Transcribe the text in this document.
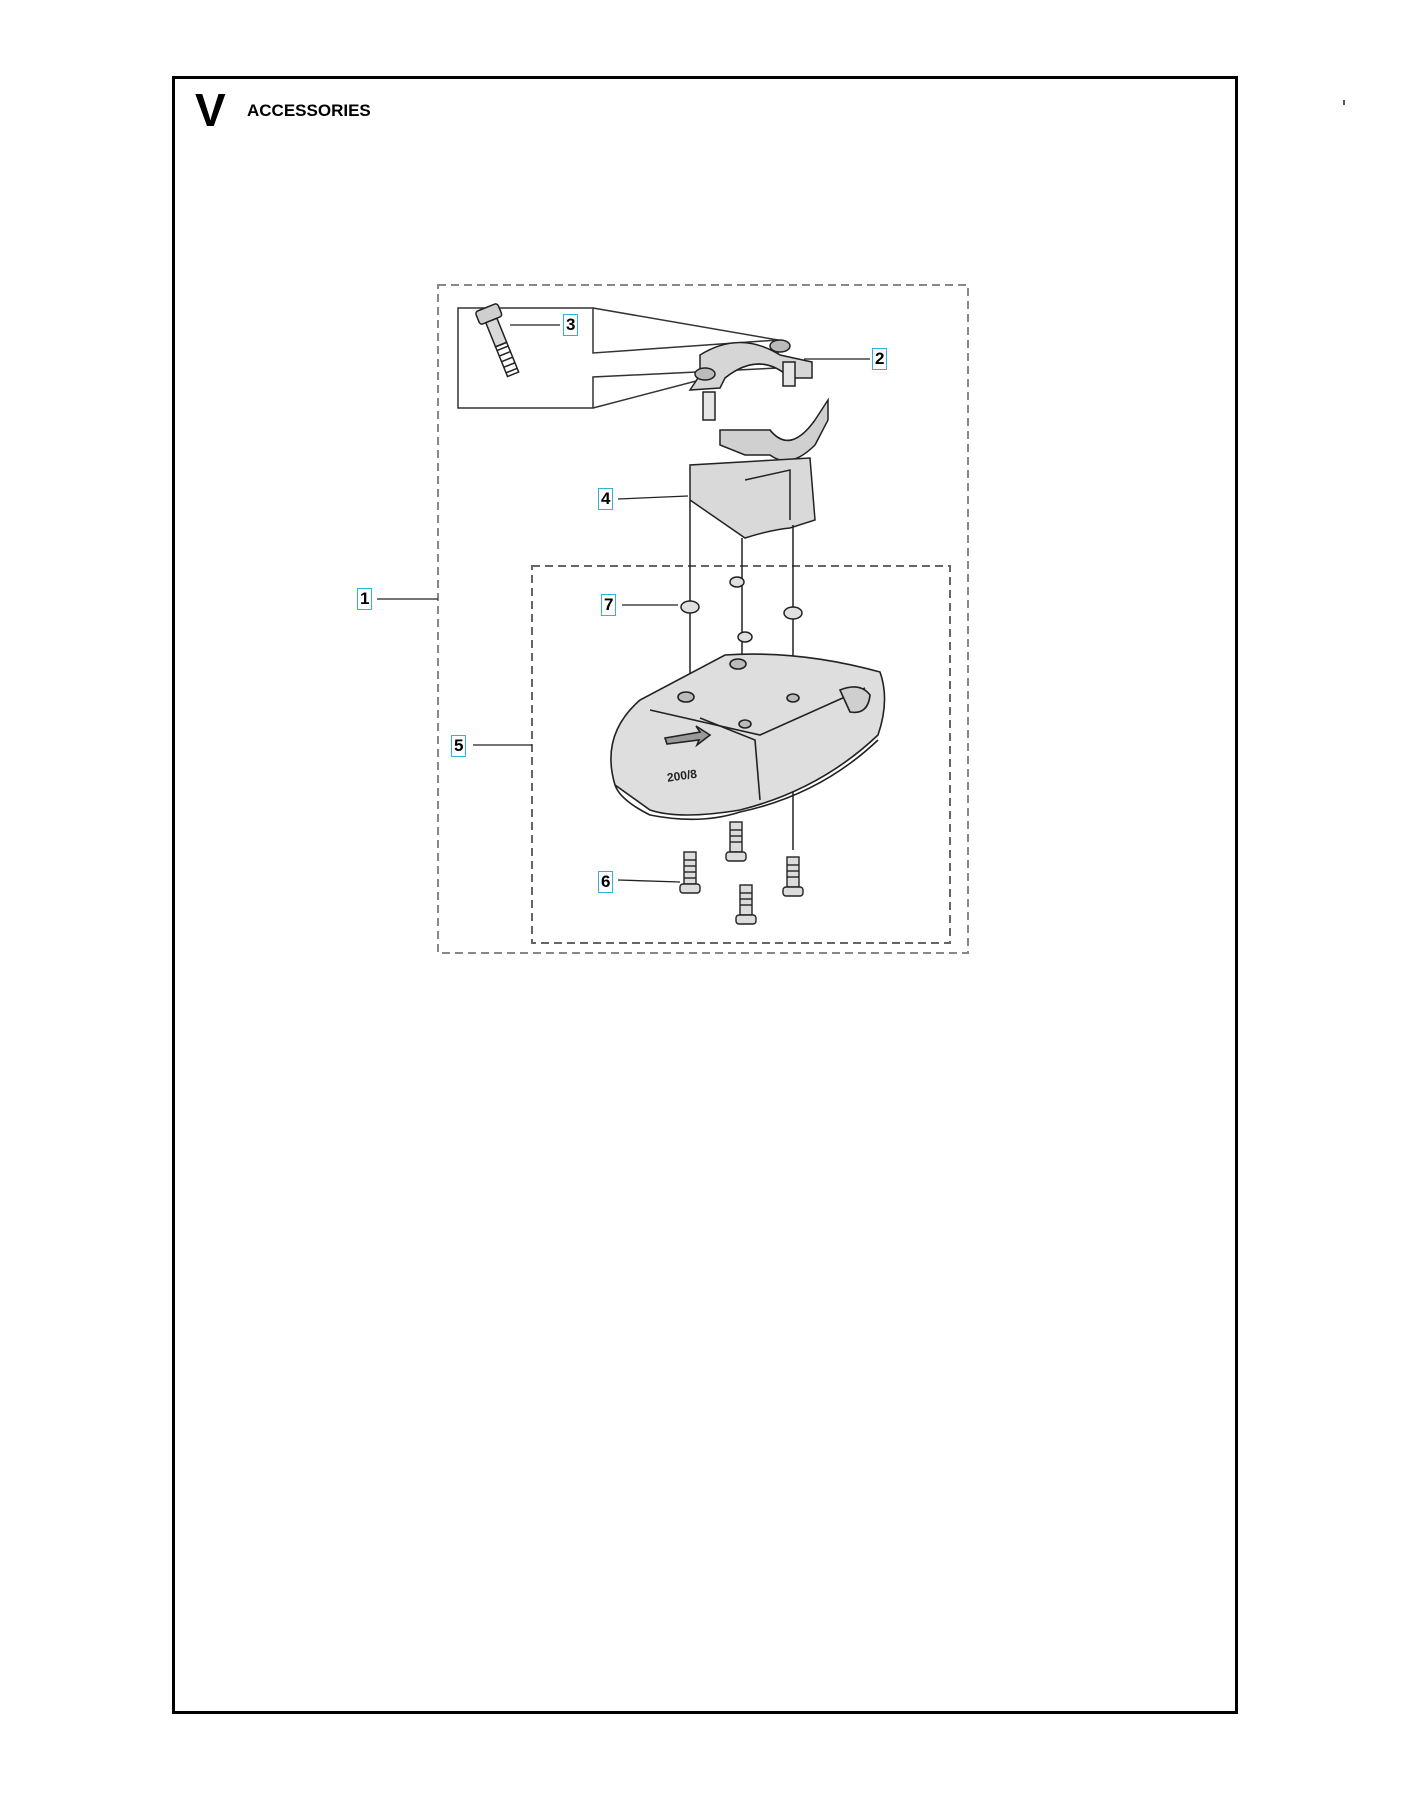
V ACCESSORIES
200/8
1
2
3
4
5
6
7
